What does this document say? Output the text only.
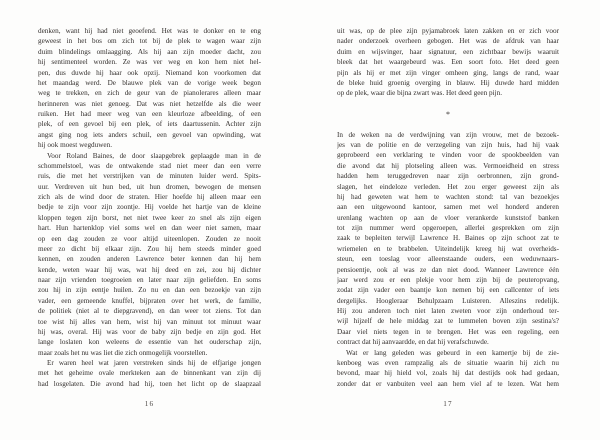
denken, want hij had niet geoefend. Het was te donker en te eng
geweest in het bos om zich tot bij de plek te wagen waar zijn
duim blindelings omlaagging. Als hij aan zijn moeder dacht, zou
hij sentimenteel worden. Ze was ver weg en kon hem niet hel-
pen, dus duwde hij haar ook opzij. Niemand kon voorkomen dat
het maandag werd. De blauwe plek van de vorige week begon
weg te trekken, en zich de geur van de pianolerares alleen maar
herinneren was niet genoeg. Dat was niet hetzelfde als die weer
ruiken. Het had meer weg van een kleurloze afbeelding, of een
plek, of een gevoel bij een plek, of iets daartussenin. Achter zijn
angst ging nog iets anders schuil, een gevoel van opwinding, wat
hij ook moest wegduwen.
Voor Roland Baines, de door slaapgebrek geplaagde man in de
schommelstoel, was de ontwakende stad niet meer dan een verre
ruis, die met het verstrijken van de minuten luider werd. Spits-
uur. Verdreven uit hun bed, uit hun dromen, bewogen de mensen
zich als de wind door de straten. Hier hoefde hij alleen maar een
bedje te zijn voor zijn zoontje. Hij voelde het hartje van de kleine
kloppen tegen zijn borst, net niet twee keer zo snel als zijn eigen
hart. Hun hartenklop viel soms wel en dan weer niet samen, maar
op een dag zouden ze voor altijd uiteenlopen. Zouden ze nooit
meer zo dicht bij elkaar zijn. Zou hij hem steeds minder goed
kennen, en zouden anderen Lawrence beter kennen dan hij hem
kende, weten waar hij was, wat hij deed en zei, zou hij dichter
naar zijn vrienden toegroeien en later naar zijn geliefden. En soms
zou hij in zijn eentje huilen. Zo nu en dan een bezoekje van zijn
vader, een gemeende knuffel, bijpraten over het werk, de familie,
de politiek (niet al te diepgravend), en dan weer tot ziens. Tot dan
toe wist hij alles van hem, wist hij van minuut tot minuut waar
hij was, overal. Hij was voor de baby zijn bedje en zijn god. Het
lange loslaten kon weleens de essentie van het ouderschap zijn,
maar zoals het nu was liet die zich onmogelijk voorstellen.
Er waren heel wat jaren verstreken sinds hij de elfjarige jongen
met het geheime ovale merkteken aan de binnenkant van zijn dij
had losgelaten. Die avond had hij, toen het licht op de slaapzaal
16
uit was, op de plee zijn pyjamabroek laten zakken en er zich voor
nader onderzoek overheen gebogen. Het was de afdruk van haar
duim en wijsvinger, haar signatuur, een zichtbaar bewijs waaruit
bleek dat het waargebeurd was. Een soort foto. Het deed geen
pijn als hij er met zijn vinger omheen ging, langs de rand, waar
de bleke huid groenig overging in blauw. Hij duwde hard midden
op de plek, waar die bijna zwart was. Het deed geen pijn.
*
In de weken na de verdwijning van zijn vrouw, met de bezoek-
jes van de politie en de verzegeling van zijn huis, had hij vaak
geprobeerd een verklaring te vinden voor de spookbeelden van
die avond dat hij plotseling alleen was. Vermoeidheid en stress
hadden hem teruggedreven naar zijn oerbronnen, zijn grond-
slagen, het eindeloze verleden. Het zou erger geweest zijn als
hij had geweten wat hem te wachten stond: tal van bezoekjes
aan een uitgewoond kantoor, samen met wel honderd anderen
urenlang wachten op aan de vloer verankerde kunststof banken
tot zijn nummer werd opgeroepen, allerlei gesprekken om zijn
zaak te bepleiten terwijl Lawrence H. Baines op zijn schoot zat te
wriemelen en te brabbelen. Uiteindelijk kreeg hij wat overheids-
steun, een toeslag voor alleenstaande ouders, een weduwnaars-
pensioentje, ook al was ze dan niet dood. Wanneer Lawrence één
jaar werd zou er een plekje voor hem zijn bij de peuteropvang,
zodat zijn vader een baantje kon nemen bij een callcenter of iets
dergelijks. Hoogleraar Behulpzaam Luisteren. Alleszins redelijk.
Hij zou anderen toch niet laten zweten voor zijn onderhoud ter-
wijl hijzelf de hele middag zat te lummelen boven zijn sestina's?
Daar viel niets tegen in te brengen. Het was een regeling, een
contract dat hij aanvaardde, en dat hij verafschuwde.
Wat er lang geleden was gebeurd in een kamertje bij de zie-
kenboeg was even rampzalig als de situatie waarin hij zich nu
bevond, maar hij hield vol, zoals hij dat destijds ook had gedaan,
zonder dat er vanbuiten veel aan hem viel af te lezen. Wat hem
17
